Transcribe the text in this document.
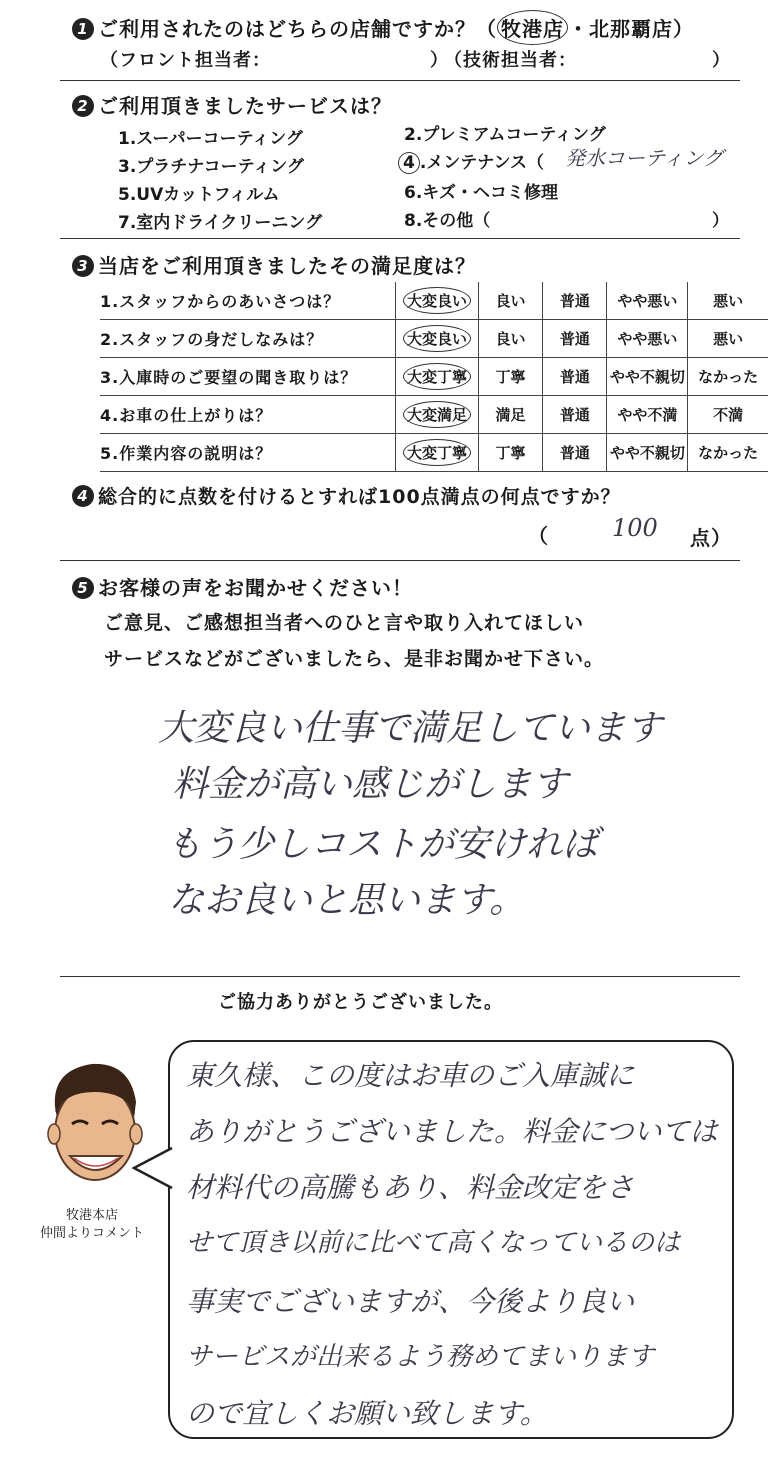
1 ご利用されたのはどちらの店舗ですか？（ 牧港店 ・北那覇店）
（フロント担当者：	）
（技術担当者：	）
2 ご利用頂きましたサービスは？
1.スーパーコーティング	2.プレミアムコーティング
3.プラチナコーティング	4 .メンテナンス（ 発水コーティング
5.UVカットフィルム	6.キズ・ヘコミ修理
7.室内ドライクリーニング	8.その他（	）
3 当店をご利用頂きましたその満足度は？
1.スタッフからのあいさつは？	大変良い	良い	普通	やや悪い	悪い
2.スタッフの身だしなみは？	大変良い	良い	普通	やや悪い	悪い
3.入庫時のご要望の聞き取りは？	大変丁寧	丁寧	普通	やや不親切	なかった
4.お車の仕上がりは？	大変満足	満足	普通	やや不満	不満
5.作業内容の説明は？	大変丁寧	丁寧	普通	やや不親切	なかった
4 総合的に点数を付けるとすれば100点満点の何点ですか？
（	100 点）
5 お客様の声をお聞かせください！
ご意見、ご感想担当者へのひと言や取り入れてほしい
サービスなどがございましたら、是非お聞かせ下さい。
大変良い仕事で満足しています
料金が高い感じがします
もう少しコストが安ければ
なお良いと思います。
ご協力ありがとうございました。
牧港本店
仲間よりコメント
東久様、この度はお車のご入庫誠に
ありがとうございました。料金については
材料代の高騰もあり、料金改定をさ
せて頂き以前に比べて高くなっているのは
事実でございますが、今後より良い
サービスが出来るよう務めてまいります
ので宜しくお願い致します。
